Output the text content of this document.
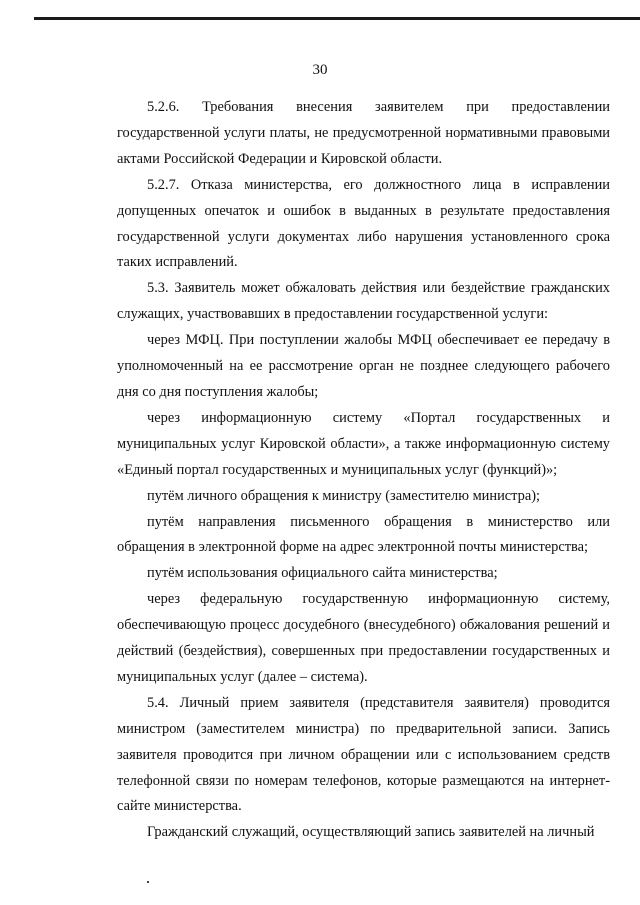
30

5.2.6. Требования внесения заявителем при предоставлении государственной услуги платы, не предусмотренной нормативными правовыми актами Российской Федерации и Кировской области.

5.2.7. Отказа министерства, его должностного лица в исправлении допущенных опечаток и ошибок в выданных в результате предоставления государственной услуги документах либо нарушения установленного срока таких исправлений.

5.3. Заявитель может обжаловать действия или бездействие гражданских служащих, участвовавших в предоставлении государственной услуги:

через МФЦ. При поступлении жалобы МФЦ обеспечивает ее передачу в уполномоченный на ее рассмотрение орган не позднее следующего рабочего дня со дня поступления жалобы;

через информационную систему «Портал государственных и муниципальных услуг Кировской области», а также информационную систему «Единый портал государственных и муниципальных услуг (функций)»;

путём личного обращения к министру (заместителю министра);

путём направления письменного обращения в министерство или обращения в электронной форме на адрес электронной почты министерства;

путём использования официального сайта министерства;

через федеральную государственную информационную систему, обеспечивающую процесс досудебного (внесудебного) обжалования решений и действий (бездействия), совершенных при предоставлении государственных и муниципальных услуг (далее – система).

5.4. Личный прием заявителя (представителя заявителя) проводится министром (заместителем министра) по предварительной записи. Запись заявителя проводится при личном обращении или с использованием средств телефонной связи по номерам телефонов, которые размещаются на интернет-сайте министерства.

Гражданский служащий, осуществляющий запись заявителей на личный
